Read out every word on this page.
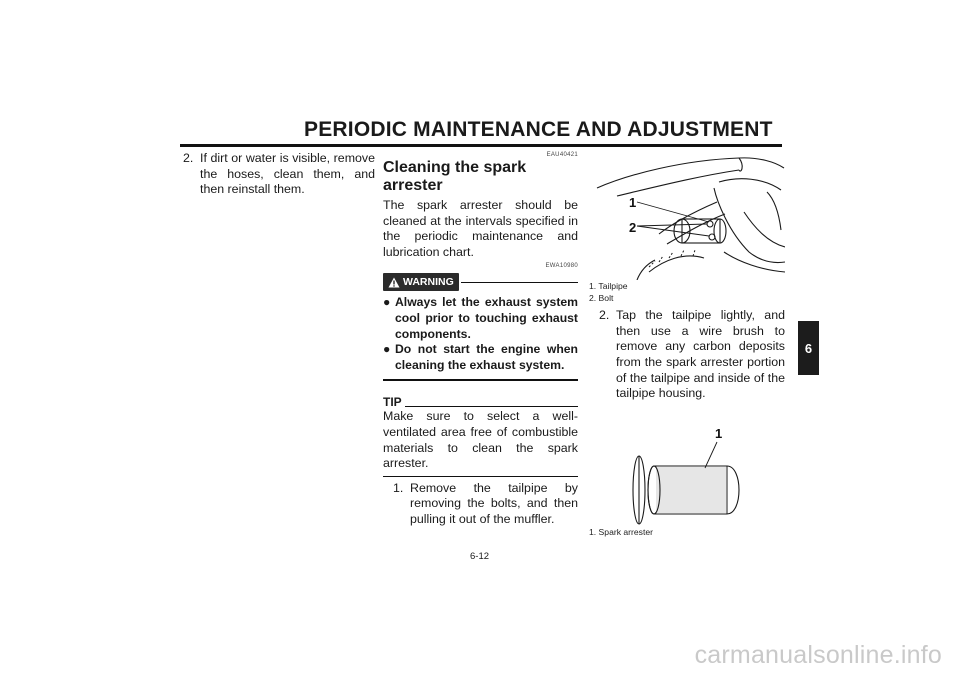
PERIODIC MAINTENANCE AND ADJUSTMENT
2. If dirt or water is visible, remove the hoses, clean them, and then reinstall them.
EAU40421
Cleaning the spark arrester
The spark arrester should be cleaned at the intervals specified in the periodic maintenance and lubrication chart.
EWA10980
WARNING
● Always let the exhaust system cool prior to touching exhaust components.
● Do not start the engine when cleaning the exhaust system.
TIP
Make sure to select a well-ventilated area free of combustible materials to clean the spark arrester.
1. Remove the tailpipe by removing the bolts, and then pulling it out of the muffler.
1
2
1. Tailpipe
2. Bolt
2. Tap the tailpipe lightly, and then use a wire brush to remove any carbon deposits from the spark arrester portion of the tailpipe and inside of the tailpipe housing.
1
1. Spark arrester
6
6-12
carmanualsonline.info
